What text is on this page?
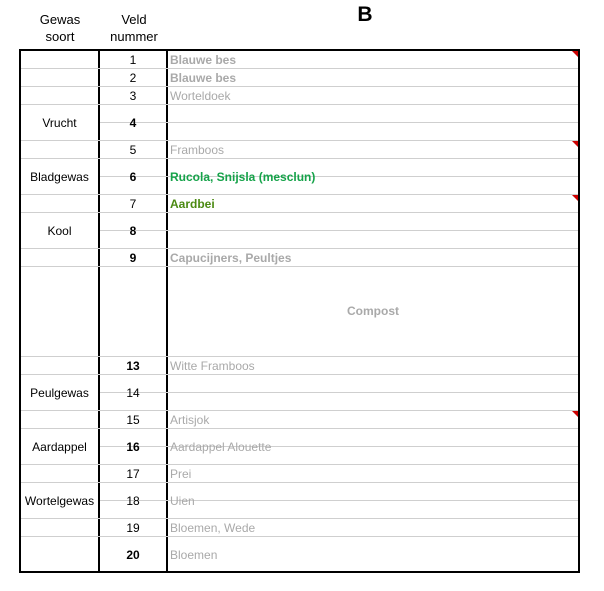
Gewas
soort
Veld
nummer
B
Vrucht
Bladgewas
Kool
Peulgewas
Aardappel
Wortelgewas
1
2
3
4
5
6
7
8
9
13
14
15
16
17
18
19
20
Blauwe bes
Blauwe bes
Worteldoek
Framboos
Rucola, Snijsla (mesclun)
Aardbei
Capucijners, Peultjes
Compost
Witte Framboos
Artisjok
Aardappel Alouette
Prei
Uien
Bloemen, Wede
Bloemen
